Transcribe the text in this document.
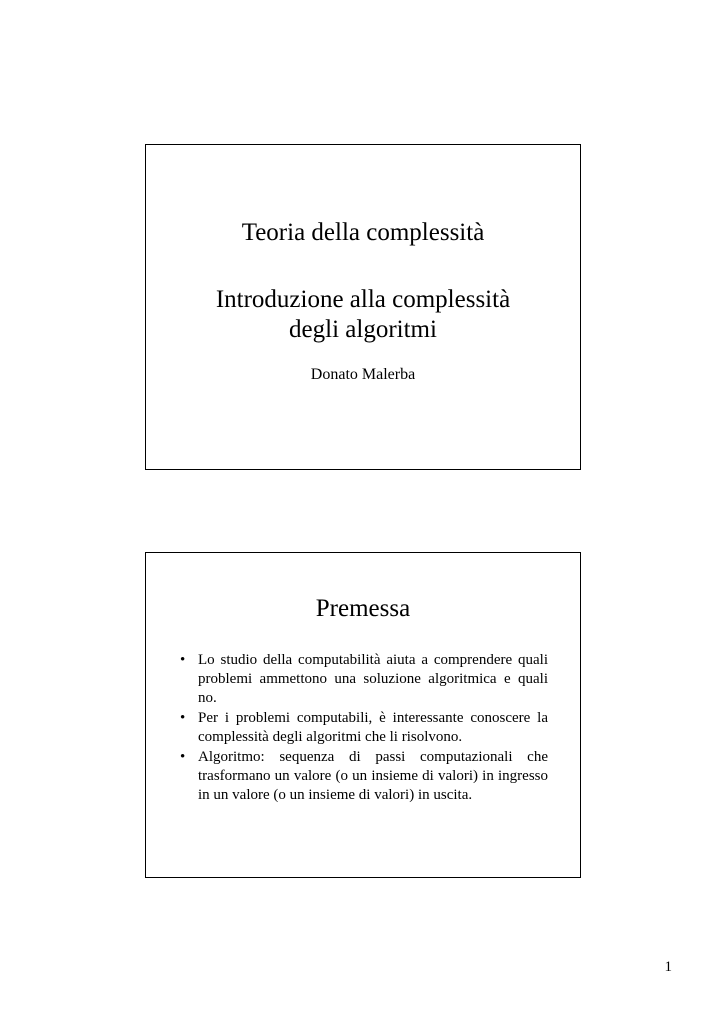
Teoria della complessità
Introduzione alla complessità
degli algoritmi
Donato Malerba
Premessa
• Lo studio della computabilità aiuta a comprendere quali problemi ammettono una soluzione algoritmica e quali no.
• Per i problemi computabili, è interessante conoscere la complessità degli algoritmi che li risolvono.
• Algoritmo: sequenza di passi computazionali che trasformano un valore (o un insieme di valori) in ingresso in un valore (o un insieme di valori) in uscita.
1
